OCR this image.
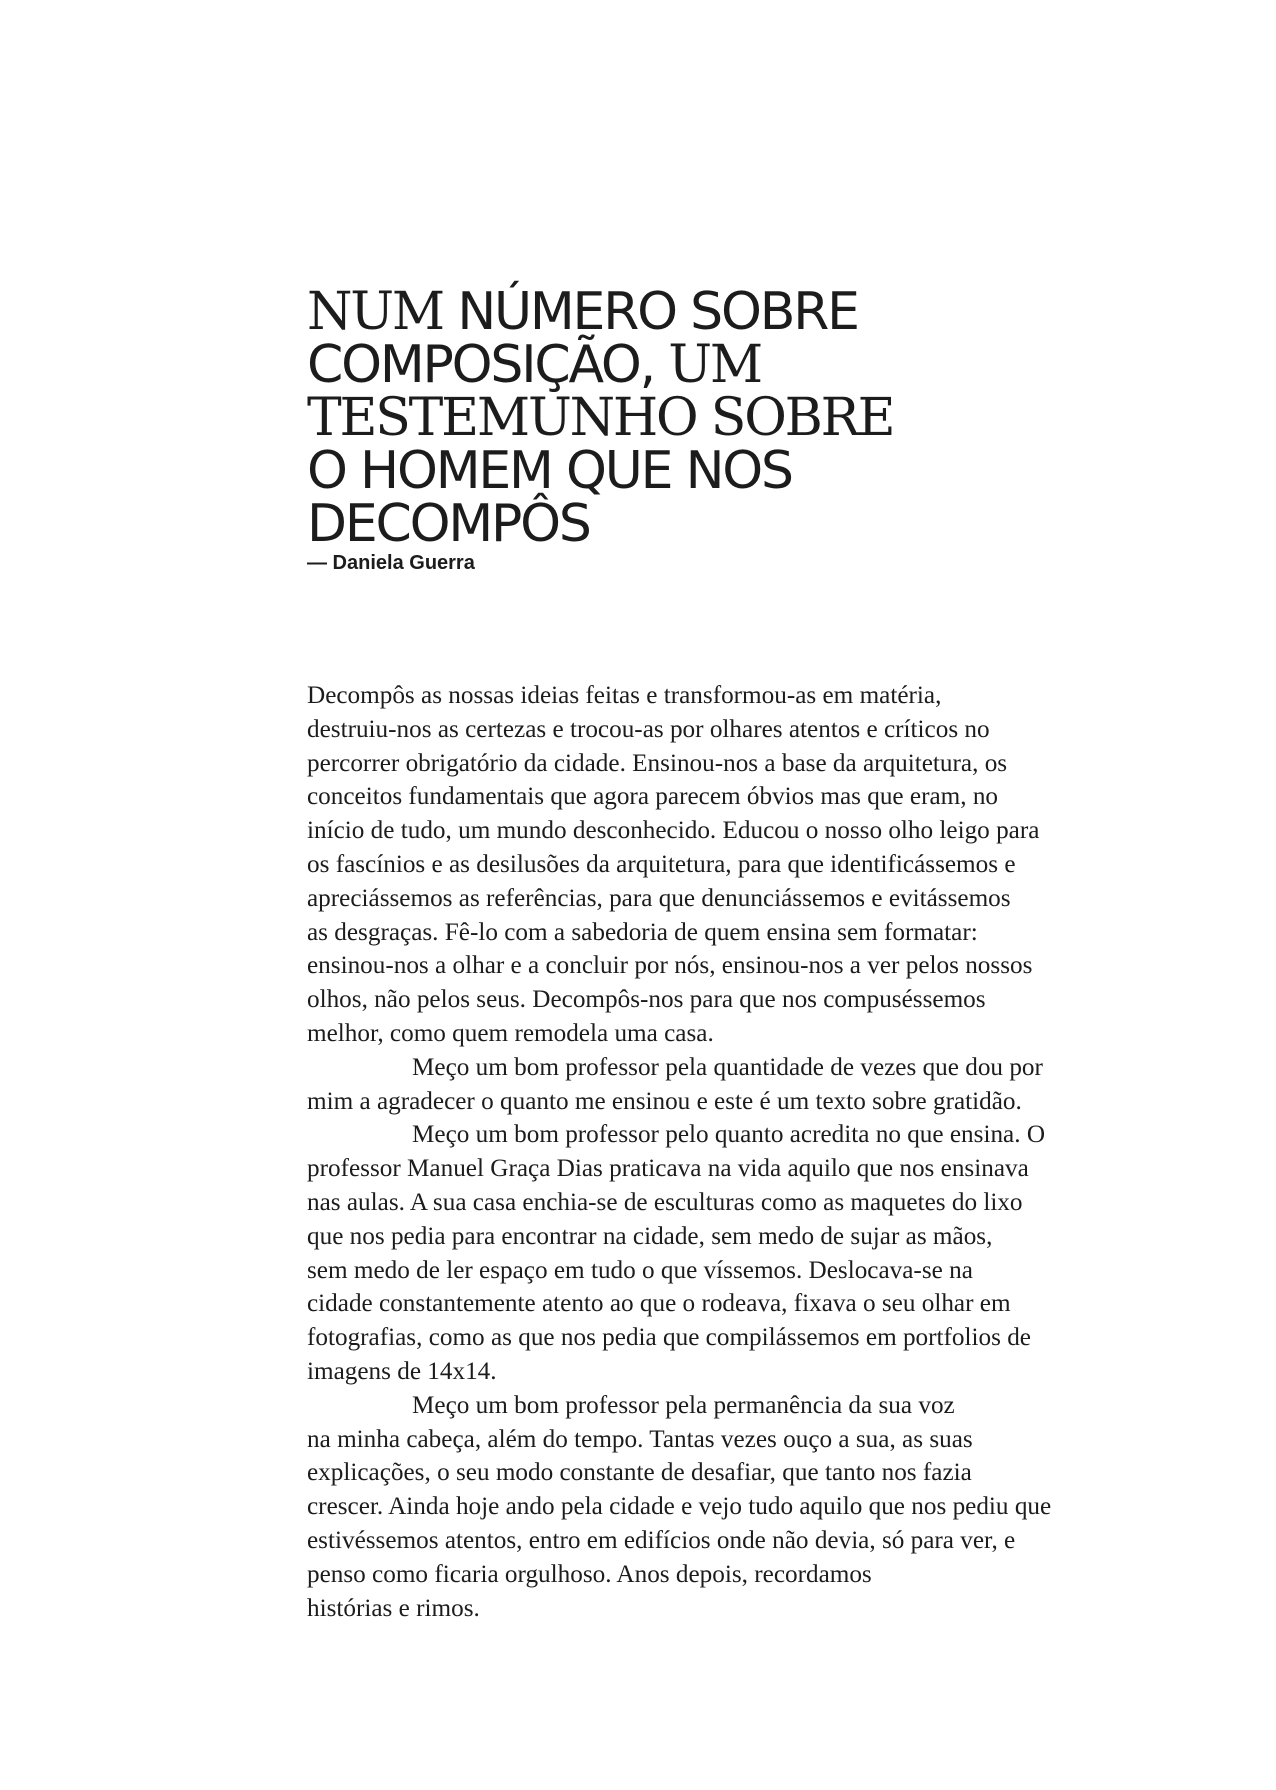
NUM NÚMERO SOBRE
COMPOSIÇÃO, UM
TESTEMUNHO SOBRE
O HOMEM QUE NOS
DECOMPÔS

— Daniela Guerra

Decompôs as nossas ideias feitas e transformou-as em matéria,
destruiu-nos as certezas e trocou-as por olhares atentos e críticos no
percorrer obrigatório da cidade. Ensinou-nos a base da arquitetura, os
conceitos fundamentais que agora parecem óbvios mas que eram, no
início de tudo, um mundo desconhecido. Educou o nosso olho leigo para
os fascínios e as desilusões da arquitetura, para que identificássemos e
apreciássemos as referências, para que denunciássemos e evitássemos
as desgraças. Fê-lo com a sabedoria de quem ensina sem formatar:
ensinou-nos a olhar e a concluir por nós, ensinou-nos a ver pelos nossos
olhos, não pelos seus. Decompôs-nos para que nos compuséssemos
melhor, como quem remodela uma casa.

Meço um bom professor pela quantidade de vezes que dou por
mim a agradecer o quanto me ensinou e este é um texto sobre gratidão.

Meço um bom professor pelo quanto acredita no que ensina. O
professor Manuel Graça Dias praticava na vida aquilo que nos ensinava
nas aulas. A sua casa enchia-se de esculturas como as maquetes do lixo
que nos pedia para encontrar na cidade, sem medo de sujar as mãos,
sem medo de ler espaço em tudo o que víssemos. Deslocava-se na
cidade constantemente atento ao que o rodeava, fixava o seu olhar em
fotografias, como as que nos pedia que compilássemos em portfolios de
imagens de 14x14.

Meço um bom professor pela permanência da sua voz
na minha cabeça, além do tempo. Tantas vezes ouço a sua, as suas
explicações, o seu modo constante de desafiar, que tanto nos fazia
crescer. Ainda hoje ando pela cidade e vejo tudo aquilo que nos pediu que
estivéssemos atentos, entro em edifícios onde não devia, só para ver, e
penso como ficaria orgulhoso. Anos depois, recordamos
histórias e rimos.
